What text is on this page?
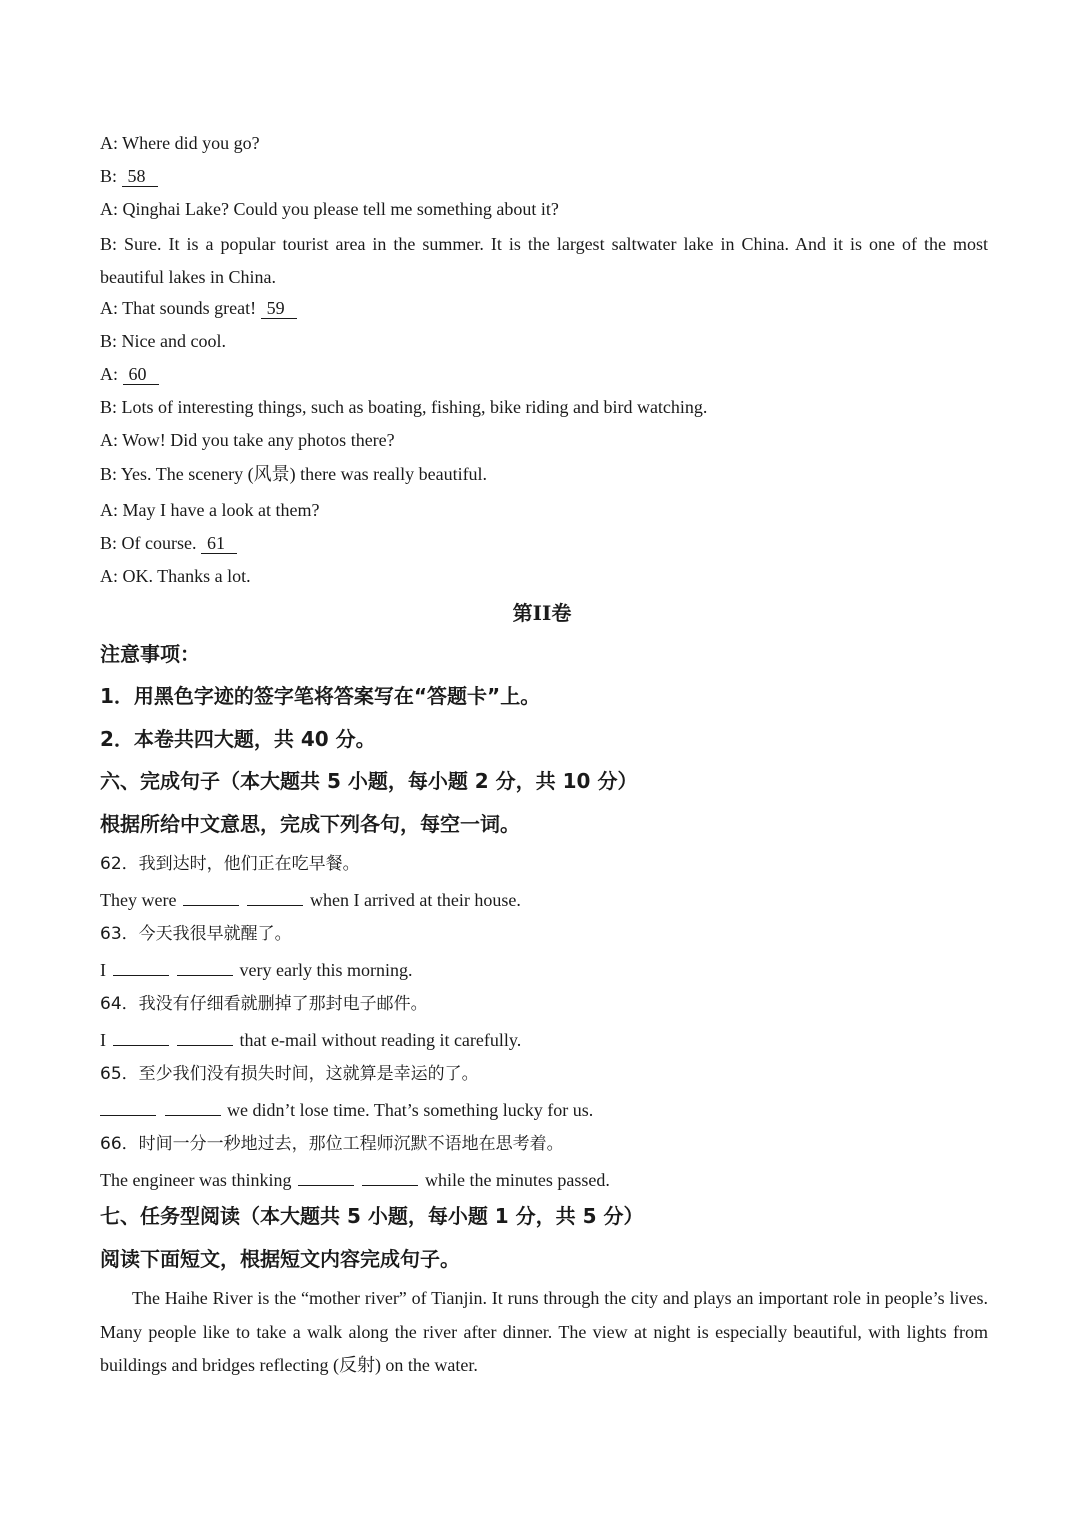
A: Where did you go?
B: 58
A: Qinghai Lake? Could you please tell me something about it?
B: Sure. It is a popular tourist area in the summer. It is the largest saltwater lake in China. And it is one of the most beautiful lakes in China.
A: That sounds great! 59
B: Nice and cool.
A: 60
B: Lots of interesting things, such as boating, fishing, bike riding and bird watching.
A: Wow! Did you take any photos there?
B: Yes. The scenery (风景) there was really beautiful.
A: May I have a look at them?
B: Of course. 61
A: OK. Thanks a lot.
第II卷
注意事项：
1．用黑色字迹的签字笔将答案写在“答题卡”上。
2．本卷共四大题，共 40 分。
六、完成句子（本大题共 5 小题，每小题 2 分，共 10 分）
根据所给中文意思，完成下列各句，每空一词。
62．我到达时，他们正在吃早餐。
They were	when I arrived at their house.
63．今天我很早就醒了。
I	very early this morning.
64．我没有仔细看就删掉了那封电子邮件。
I	that e-mail without reading it carefully.
65．至少我们没有损失时间，这就算是幸运的了。
we didn’t lose time. That’s something lucky for us.
66．时间一分一秒地过去，那位工程师沉默不语地在思考着。
The engineer was thinking	while the minutes passed.
七、任务型阅读（本大题共 5 小题，每小题 1 分，共 5 分）
阅读下面短文，根据短文内容完成句子。
The Haihe River is the “mother river” of Tianjin. It runs through the city and plays an important role in people’s lives. Many people like to take a walk along the river after dinner. The view at night is especially beautiful, with lights from buildings and bridges reflecting (反射) on the water.
